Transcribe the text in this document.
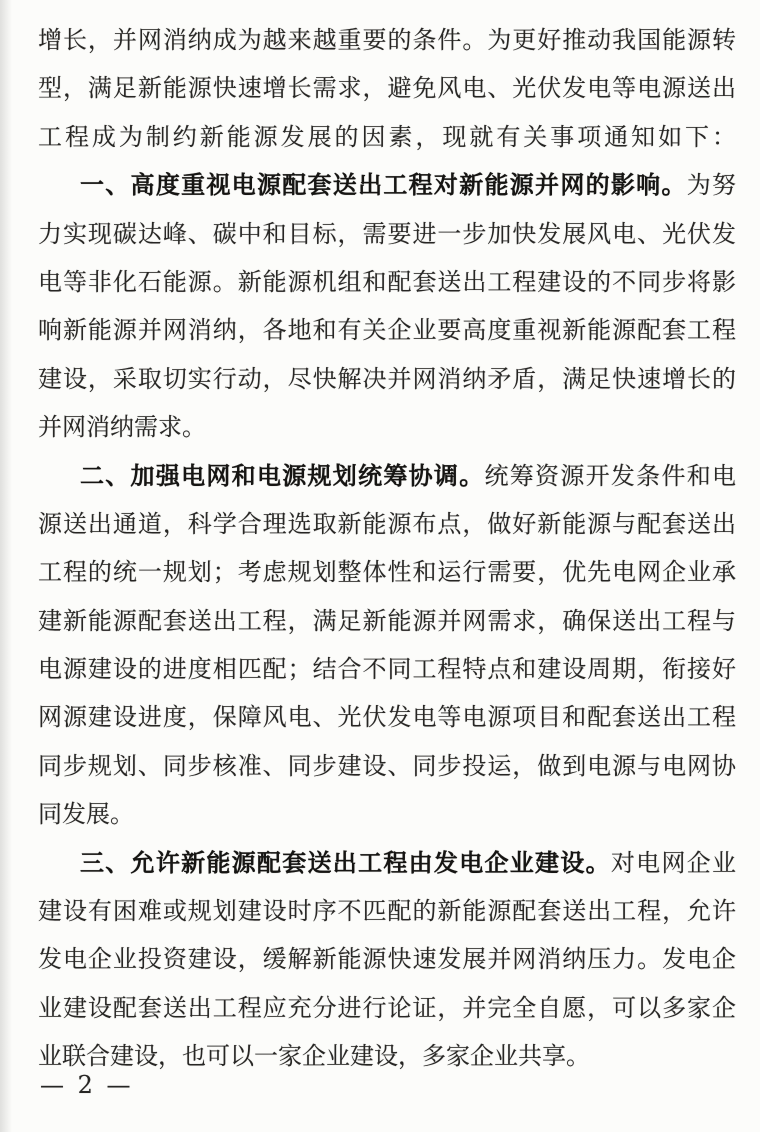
增长，并网消纳成为越来越重要的条件。为更好推动我国能源转
型，满足新能源快速增长需求，避免风电、光伏发电等电源送出
工程成为制约新能源发展的因素，现就有关事项通知如下：
一、高度重视电源配套送出工程对新能源并网的影响。为努
力实现碳达峰、碳中和目标，需要进一步加快发展风电、光伏发
电等非化石能源。新能源机组和配套送出工程建设的不同步将影
响新能源并网消纳，各地和有关企业要高度重视新能源配套工程
建设，采取切实行动，尽快解决并网消纳矛盾，满足快速增长的
并网消纳需求。
二、加强电网和电源规划统筹协调。统筹资源开发条件和电
源送出通道，科学合理选取新能源布点，做好新能源与配套送出
工程的统一规划；考虑规划整体性和运行需要，优先电网企业承
建新能源配套送出工程，满足新能源并网需求，确保送出工程与
电源建设的进度相匹配；结合不同工程特点和建设周期，衔接好
网源建设进度，保障风电、光伏发电等电源项目和配套送出工程
同步规划、同步核准、同步建设、同步投运，做到电源与电网协
同发展。
三、允许新能源配套送出工程由发电企业建设。对电网企业
建设有困难或规划建设时序不匹配的新能源配套送出工程，允许
发电企业投资建设，缓解新能源快速发展并网消纳压力。发电企
业建设配套送出工程应充分进行论证，并完全自愿，可以多家企
业联合建设，也可以一家企业建设，多家企业共享。
— 2 —
